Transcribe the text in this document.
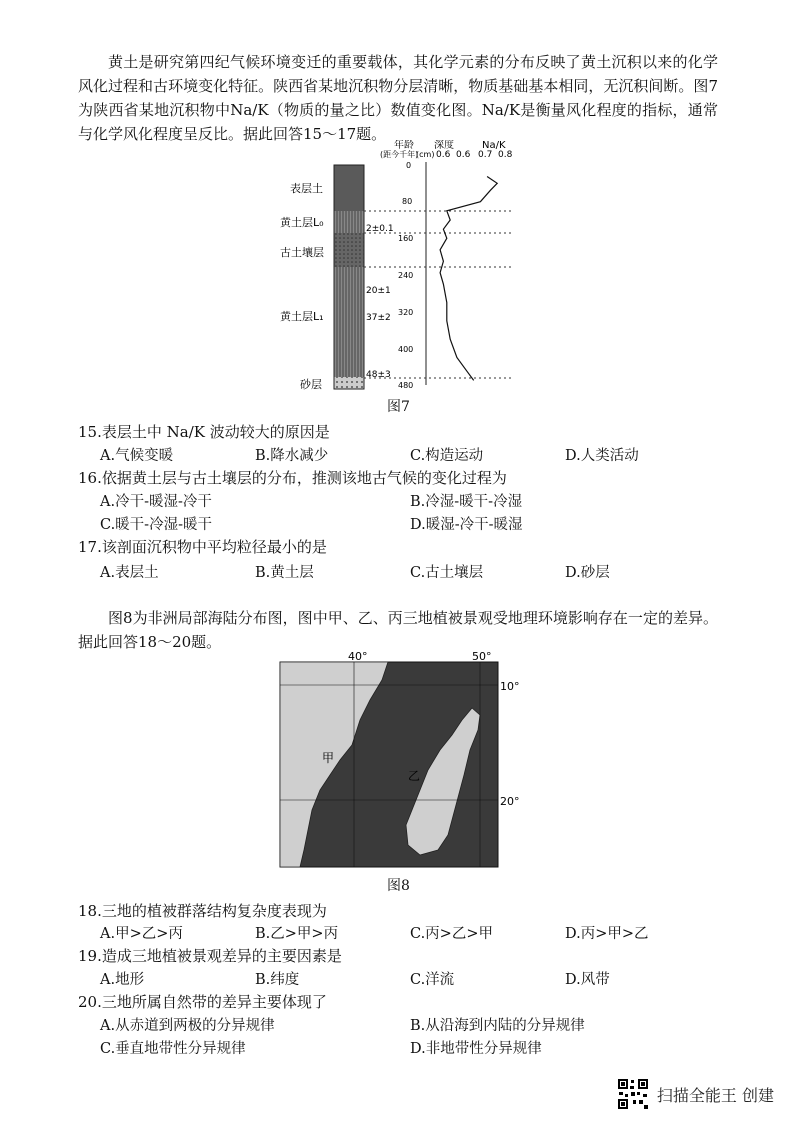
黄土是研究第四纪气候环境变迁的重要载体，其化学元素的分布反映了黄土沉积以来的化学风化过程和古环境变化特征。陕西省某地沉积物分层清晰，物质基础基本相同，无沉积间断。图7为陕西省某地沉积物中Na/K（物质的量之比）数值变化图。Na/K是衡量风化程度的指标，通常与化学风化程度呈反比。据此回答15～17题。
年龄
(距今千年)
深度
(cm)
Na/K
0.6 0.6 0.7 0.8
表层土
黄土层L₀
古土壤层
黄土层L₁
砂层
2±0.1
20±1
37±2
48±3
0
80
160
240
320
400
480
图7
15.表层土中 Na/K 波动较大的原因是
A.气候变暖	B.降水减少	C.构造运动	D.人类活动
16.依据黄土层与古土壤层的分布，推测该地古气候的变化过程为
A.冷干-暖湿-冷干	B.冷湿-暖干-冷湿
C.暖干-冷湿-暖干	D.暖湿-冷干-暖湿
17.该剖面沉积物中平均粒径最小的是
A.表层土	B.黄土层	C.古土壤层	D.砂层
图8为非洲局部海陆分布图，图中甲、乙、丙三地植被景观受地理环境影响存在一定的差异。据此回答18～20题。
40°	50°
10°
20°
甲
乙
图8
18.三地的植被群落结构复杂度表现为
A.甲>乙>丙	B.乙>甲>丙	C.丙>乙>甲	D.丙>甲>乙
19.造成三地植被景观差异的主要因素是
A.地形	B.纬度	C.洋流	D.风带
20.三地所属自然带的差异主要体现了
A.从赤道到两极的分异规律	B.从沿海到内陆的分异规律
C.垂直地带性分异规律	D.非地带性分异规律
扫描全能王 创建
